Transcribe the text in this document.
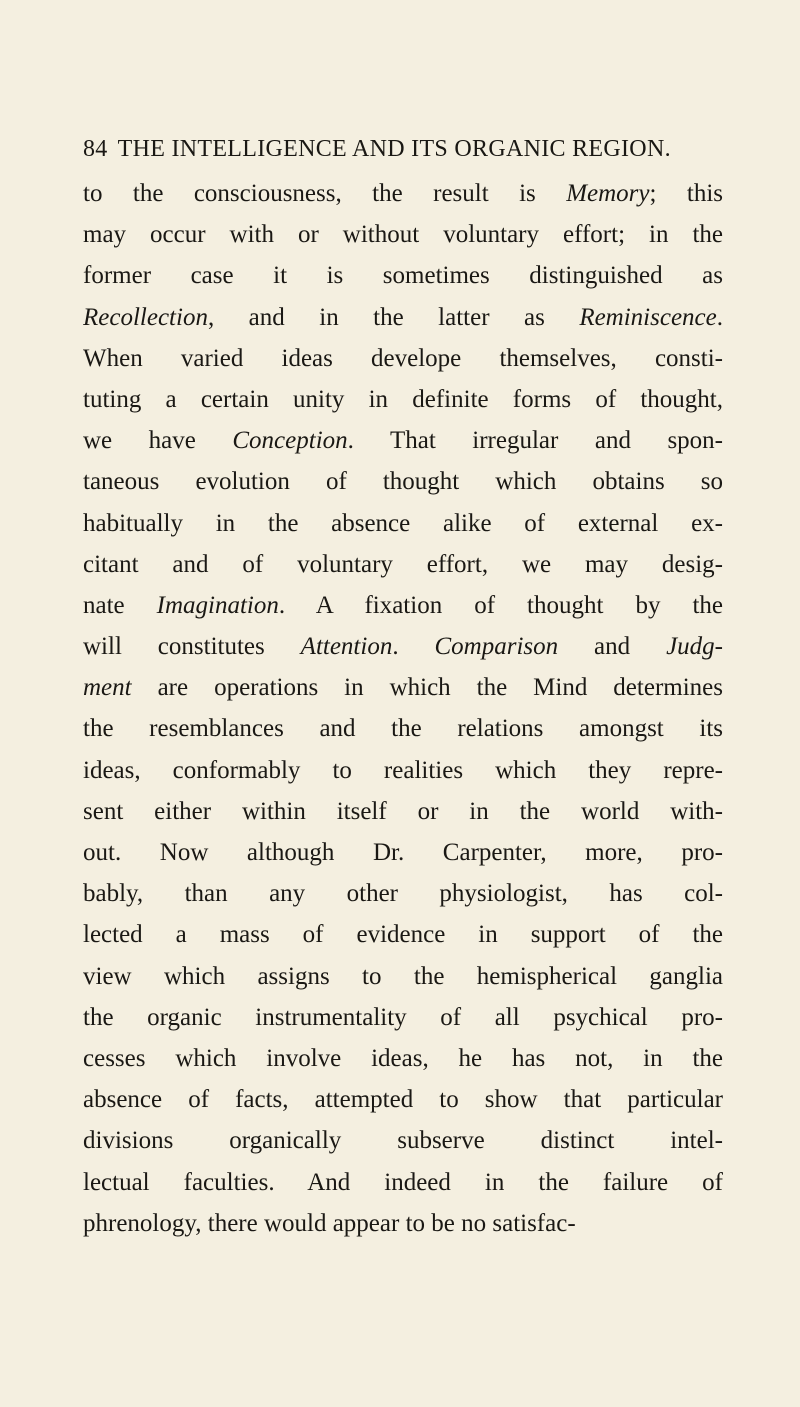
84 THE INTELLIGENCE AND ITS ORGANIC REGION.
to the consciousness, the result is Memory; this
may occur with or without voluntary effort; in the
former case it is sometimes distinguished as
Recollection, and in the latter as Reminiscence.
When varied ideas develope themselves, consti-
tuting a certain unity in definite forms of thought,
we have Conception. That irregular and spon-
taneous evolution of thought which obtains so
habitually in the absence alike of external ex-
citant and of voluntary effort, we may desig-
nate Imagination. A fixation of thought by the
will constitutes Attention. Comparison and Judg-
ment are operations in which the Mind determines
the resemblances and the relations amongst its
ideas, conformably to realities which they repre-
sent either within itself or in the world with-
out. Now although Dr. Carpenter, more, pro-
bably, than any other physiologist, has col-
lected a mass of evidence in support of the
view which assigns to the hemispherical ganglia
the organic instrumentality of all psychical pro-
cesses which involve ideas, he has not, in the
absence of facts, attempted to show that particular
divisions organically subserve distinct intel-
lectual faculties. And indeed in the failure of
phrenology, there would appear to be no satisfac-
